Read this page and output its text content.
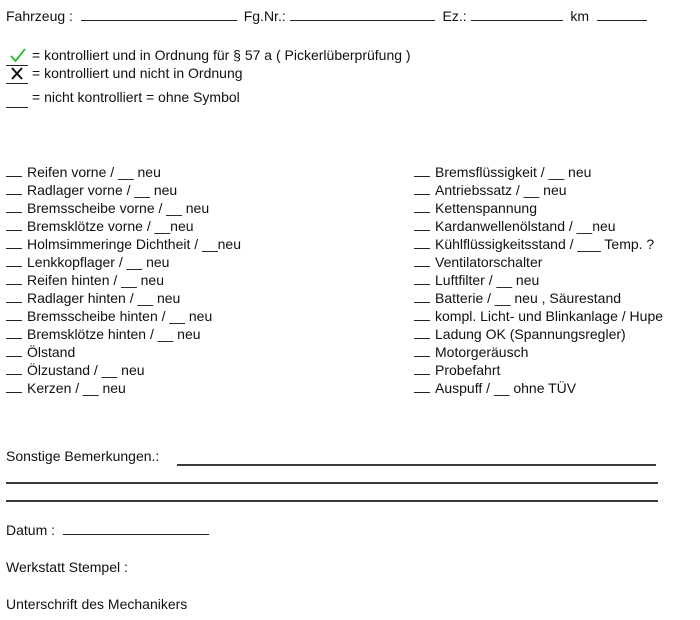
Fahrzeug :	Fg.Nr.:	Ez.:	km
= kontrolliert und in Ordnung für § 57 a ( Pickerlüberprüfung )
= kontrolliert und nicht in Ordnung
= nicht kontrolliert = ohne Symbol
Reifen vorne / __ neu
Radlager vorne / __ neu
Bremsscheibe vorne / __ neu
Bremsklötze vorne / __neu
Holmsimmeringe Dichtheit / __neu
Lenkkopflager / __ neu
Reifen hinten / __ neu
Radlager hinten / __ neu
Bremsscheibe hinten / __ neu
Bremsklötze hinten / __ neu
Ölstand
Ölzustand / __ neu
Kerzen / __ neu
Bremsflüssigkeit / __ neu
Antriebssatz / __ neu
Kettenspannung
Kardanwellenölstand / __neu
Kühlflüssigkeitsstand / ___ Temp. ?
Ventilatorschalter
Luftfilter / __ neu
Batterie / __ neu , Säurestand
kompl. Licht- und Blinkanlage / Hupe
Ladung OK (Spannungsregler)
Motorgeräusch
Probefahrt
Auspuff / __ ohne TÜV
Sonstige Bemerkungen.:
Datum :
Werkstatt Stempel :
Unterschrift des Mechanikers
